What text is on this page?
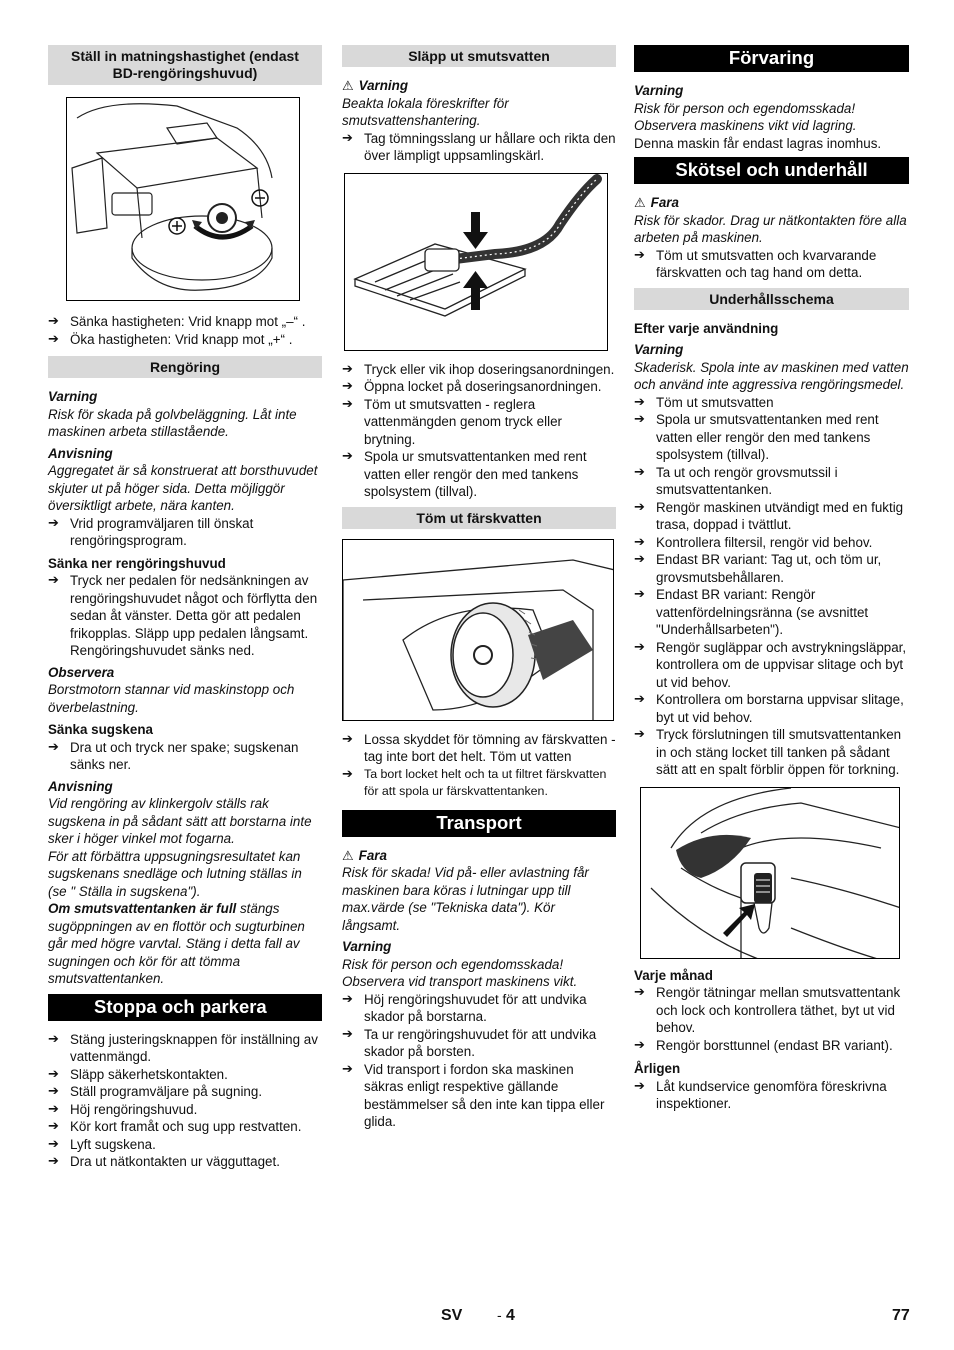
Ställ in matningshastighet (endast BD-rengöringshuvud)
➔ Sänka hastigheten: Vrid knapp mot „–“ .
➔ Öka hastigheten: Vrid knapp mot „+“ .
Rengöring
Varning
Risk för skada på golvbeläggning. Låt inte maskinen arbeta stillastående.
Anvisning
Aggregatet är så konstruerat att borsthuvudet skjuter ut på höger sida. Detta möjliggör översiktligt arbete, nära kanten.
➔ Vrid programväljaren till önskat rengöringsprogram.
Sänka ner rengöringshuvud
➔ Tryck ner pedalen för nedsänkningen av rengöringshuvudet något och förflytta den sedan åt vänster. Detta gör att pedalen frikopplas. Släpp upp pedalen långsamt.
Rengöringshuvudet sänks ned.
Observera
Borstmotorn stannar vid maskinstopp och överbelastning.
Sänka sugskena
➔ Dra ut och tryck ner spake; sugskenan sänks ner.
Anvisning
Vid rengöring av klinkergolv ställs rak sugskena in på sådant sätt att borstarna inte sker i höger vinkel mot fogarna.
För att förbättra uppsugningsresultatet kan sugskenans snedläge och lutning ställas in (se " Ställa in sugskena").
Om smutsvattentanken är full stängs sugöppningen av en flottör och sugturbinen går med högre varvtal. Stäng i detta fall av sugningen och kör för att tömma smutsvattentanken.
Stoppa och parkera
➔ Stäng justeringsknappen för inställning av vattenmängd.
➔ Släpp säkerhetskontakten.
➔ Ställ programväljare på sugning.
➔ Höj rengöringshuvud.
➔ Kör kort framåt och sug upp restvatten.
➔ Lyft sugskena.
➔ Dra ut nätkontakten ur vägguttaget.
Släpp ut smutsvatten
⚠ Varning
Beakta lokala föreskrifter för smutsvattenshantering.
➔ Tag tömningsslang ur hållare och rikta den över lämpligt uppsamlingskärl.
➔ Tryck eller vik ihop doseringsanordningen.
➔ Öppna locket på doseringsanordningen.
➔ Töm ut smutsvatten - reglera vattenmängden genom tryck eller brytning.
➔ Spola ur smutsvattentanken med rent vatten eller rengör den med tankens spolsystem (tillval).
Töm ut färskvatten
➔ Lossa skyddet för tömning av färskvatten - tag inte bort det helt. Töm ut vatten
➔ Ta bort locket helt och ta ut filtret färskvatten för att spola ur färskvattentanken.
Transport
⚠ Fara
Risk för skada! Vid på- eller avlastning får maskinen bara köras i lutningar upp till max.värde (se "Tekniska data"). Kör långsamt.
Varning
Risk för person och egendomsskada! Observera vid transport maskinens vikt.
➔ Höj rengöringshuvudet för att undvika skador på borstarna.
➔ Ta ur rengöringshuvudet för att undvika skador på borsten.
➔ Vid transport i fordon ska maskinen säkras enligt respektive gällande bestämmelser så den inte kan tippa eller glida.
Förvaring
Varning
Risk för person och egendomsskada! Observera maskinens vikt vid lagring.
Denna maskin får endast lagras inomhus.
Skötsel och underhåll
⚠ Fara
Risk för skador. Drag ur nätkontakten före alla arbeten på maskinen.
➔ Töm ut smutsvatten och kvarvarande färskvatten och tag hand om detta.
Underhållsschema
Efter varje användning
Varning
Skaderisk. Spola inte av maskinen med vatten och använd inte aggressiva rengöringsmedel.
➔ Töm ut smutsvatten
➔ Spola ur smutsvattentanken med rent vatten eller rengör den med tankens spolsystem (tillval).
➔ Ta ut och rengör grovsmutssil i smutsvattentanken.
➔ Rengör maskinen utvändigt med en fuktig trasa, doppad i tvättlut.
➔ Kontrollera filtersil, rengör vid behov.
➔ Endast BR variant: Tag ut, och töm ur, grovsmutsbehållaren.
➔ Endast BR variant: Rengör vattenfördelningsränna (se avsnittet "Underhållsarbeten").
➔ Rengör sugläppar och avstrykningsläppar, kontrollera om de uppvisar slitage och byt ut vid behov.
➔ Kontrollera om borstarna uppvisar slitage, byt ut vid behov.
➔ Tryck förslutningen till smutsvattentanken in och stäng locket till tanken på sådant sätt att en spalt förblir öppen för torkning.
Varje månad
➔ Rengör tätningar mellan smutsvattentank och lock och kontrollera täthet, byt ut vid behov.
➔ Rengör borsttunnel (endast BR variant).
Årligen
➔ Låt kundservice genomföra föreskrivna inspektioner.
SV - 4	77
